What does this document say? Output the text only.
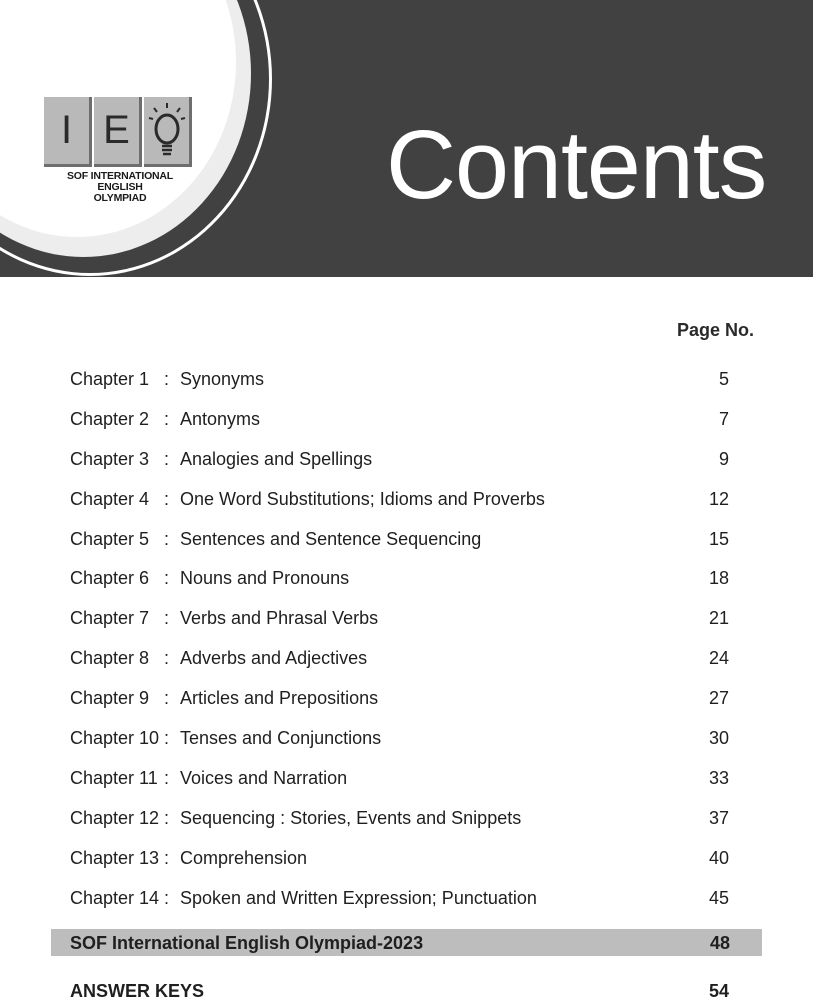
I E
SOF INTERNATIONAL ENGLISH
OLYMPIAD	Contents
Page No.
Chapter 1 : Synonyms	5
Chapter 2 : Antonyms	7
Chapter 3 : Analogies and Spellings	9
Chapter 4 : One Word Substitutions; Idioms and Proverbs	12
Chapter 5 : Sentences and Sentence Sequencing	15
Chapter 6 : Nouns and Pronouns	18
Chapter 7 : Verbs and Phrasal Verbs	21
Chapter 8 : Adverbs and Adjectives	24
Chapter 9 : Articles and Prepositions	27
Chapter 10 : Tenses and Conjunctions	30
Chapter 11 : Voices and Narration	33
Chapter 12 : Sequencing : Stories, Events and Snippets	37
Chapter 13 : Comprehension	40
Chapter 14 : Spoken and Written Expression; Punctuation	45
SOF International English Olympiad-2023	48
ANSWER KEYS	54
